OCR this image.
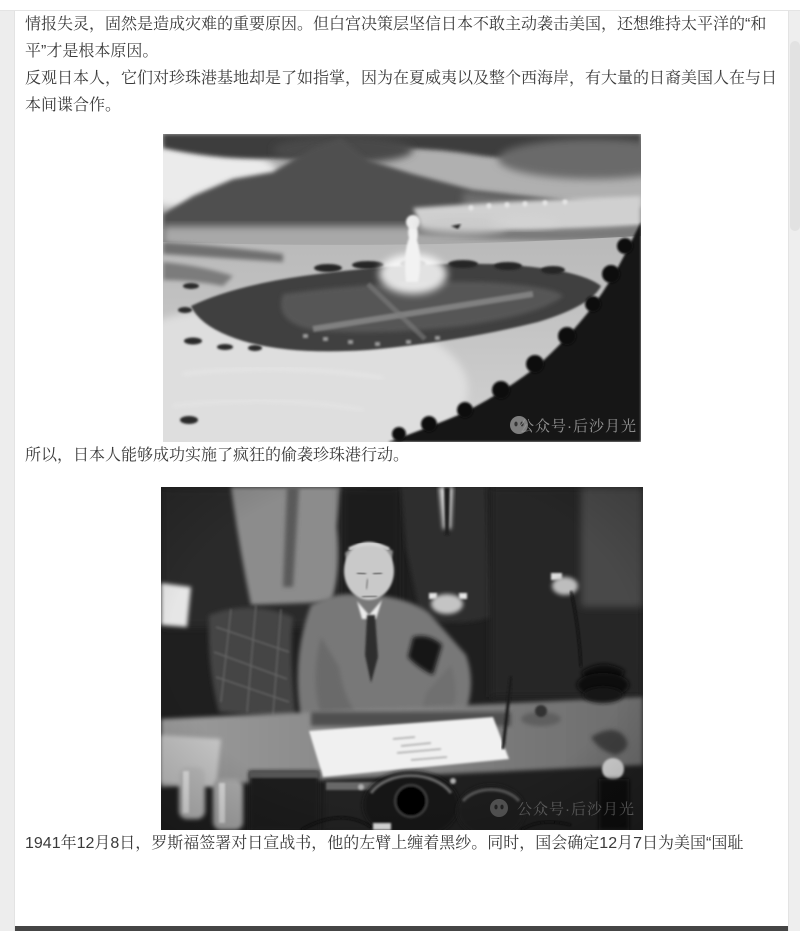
情报失灵，固然是造成灾难的重要原因。但白宫决策层坚信日本不敢主动袭击美国，还想维持太平洋的“和平”才是根本原因。

反观日本人，它们对珍珠港基地却是了如指掌，因为在夏威夷以及整个西海岸，有大量的日裔美国人在与日本间谍合作。

公众号·后沙月光

所以，日本人能够成功实施了疯狂的偷袭珍珠港行动。

公众号·后沙月光

1941年12月8日，罗斯福签署对日宣战书，他的左臂上缠着黑纱。同时，国会确定12月7日为美国“国耻
